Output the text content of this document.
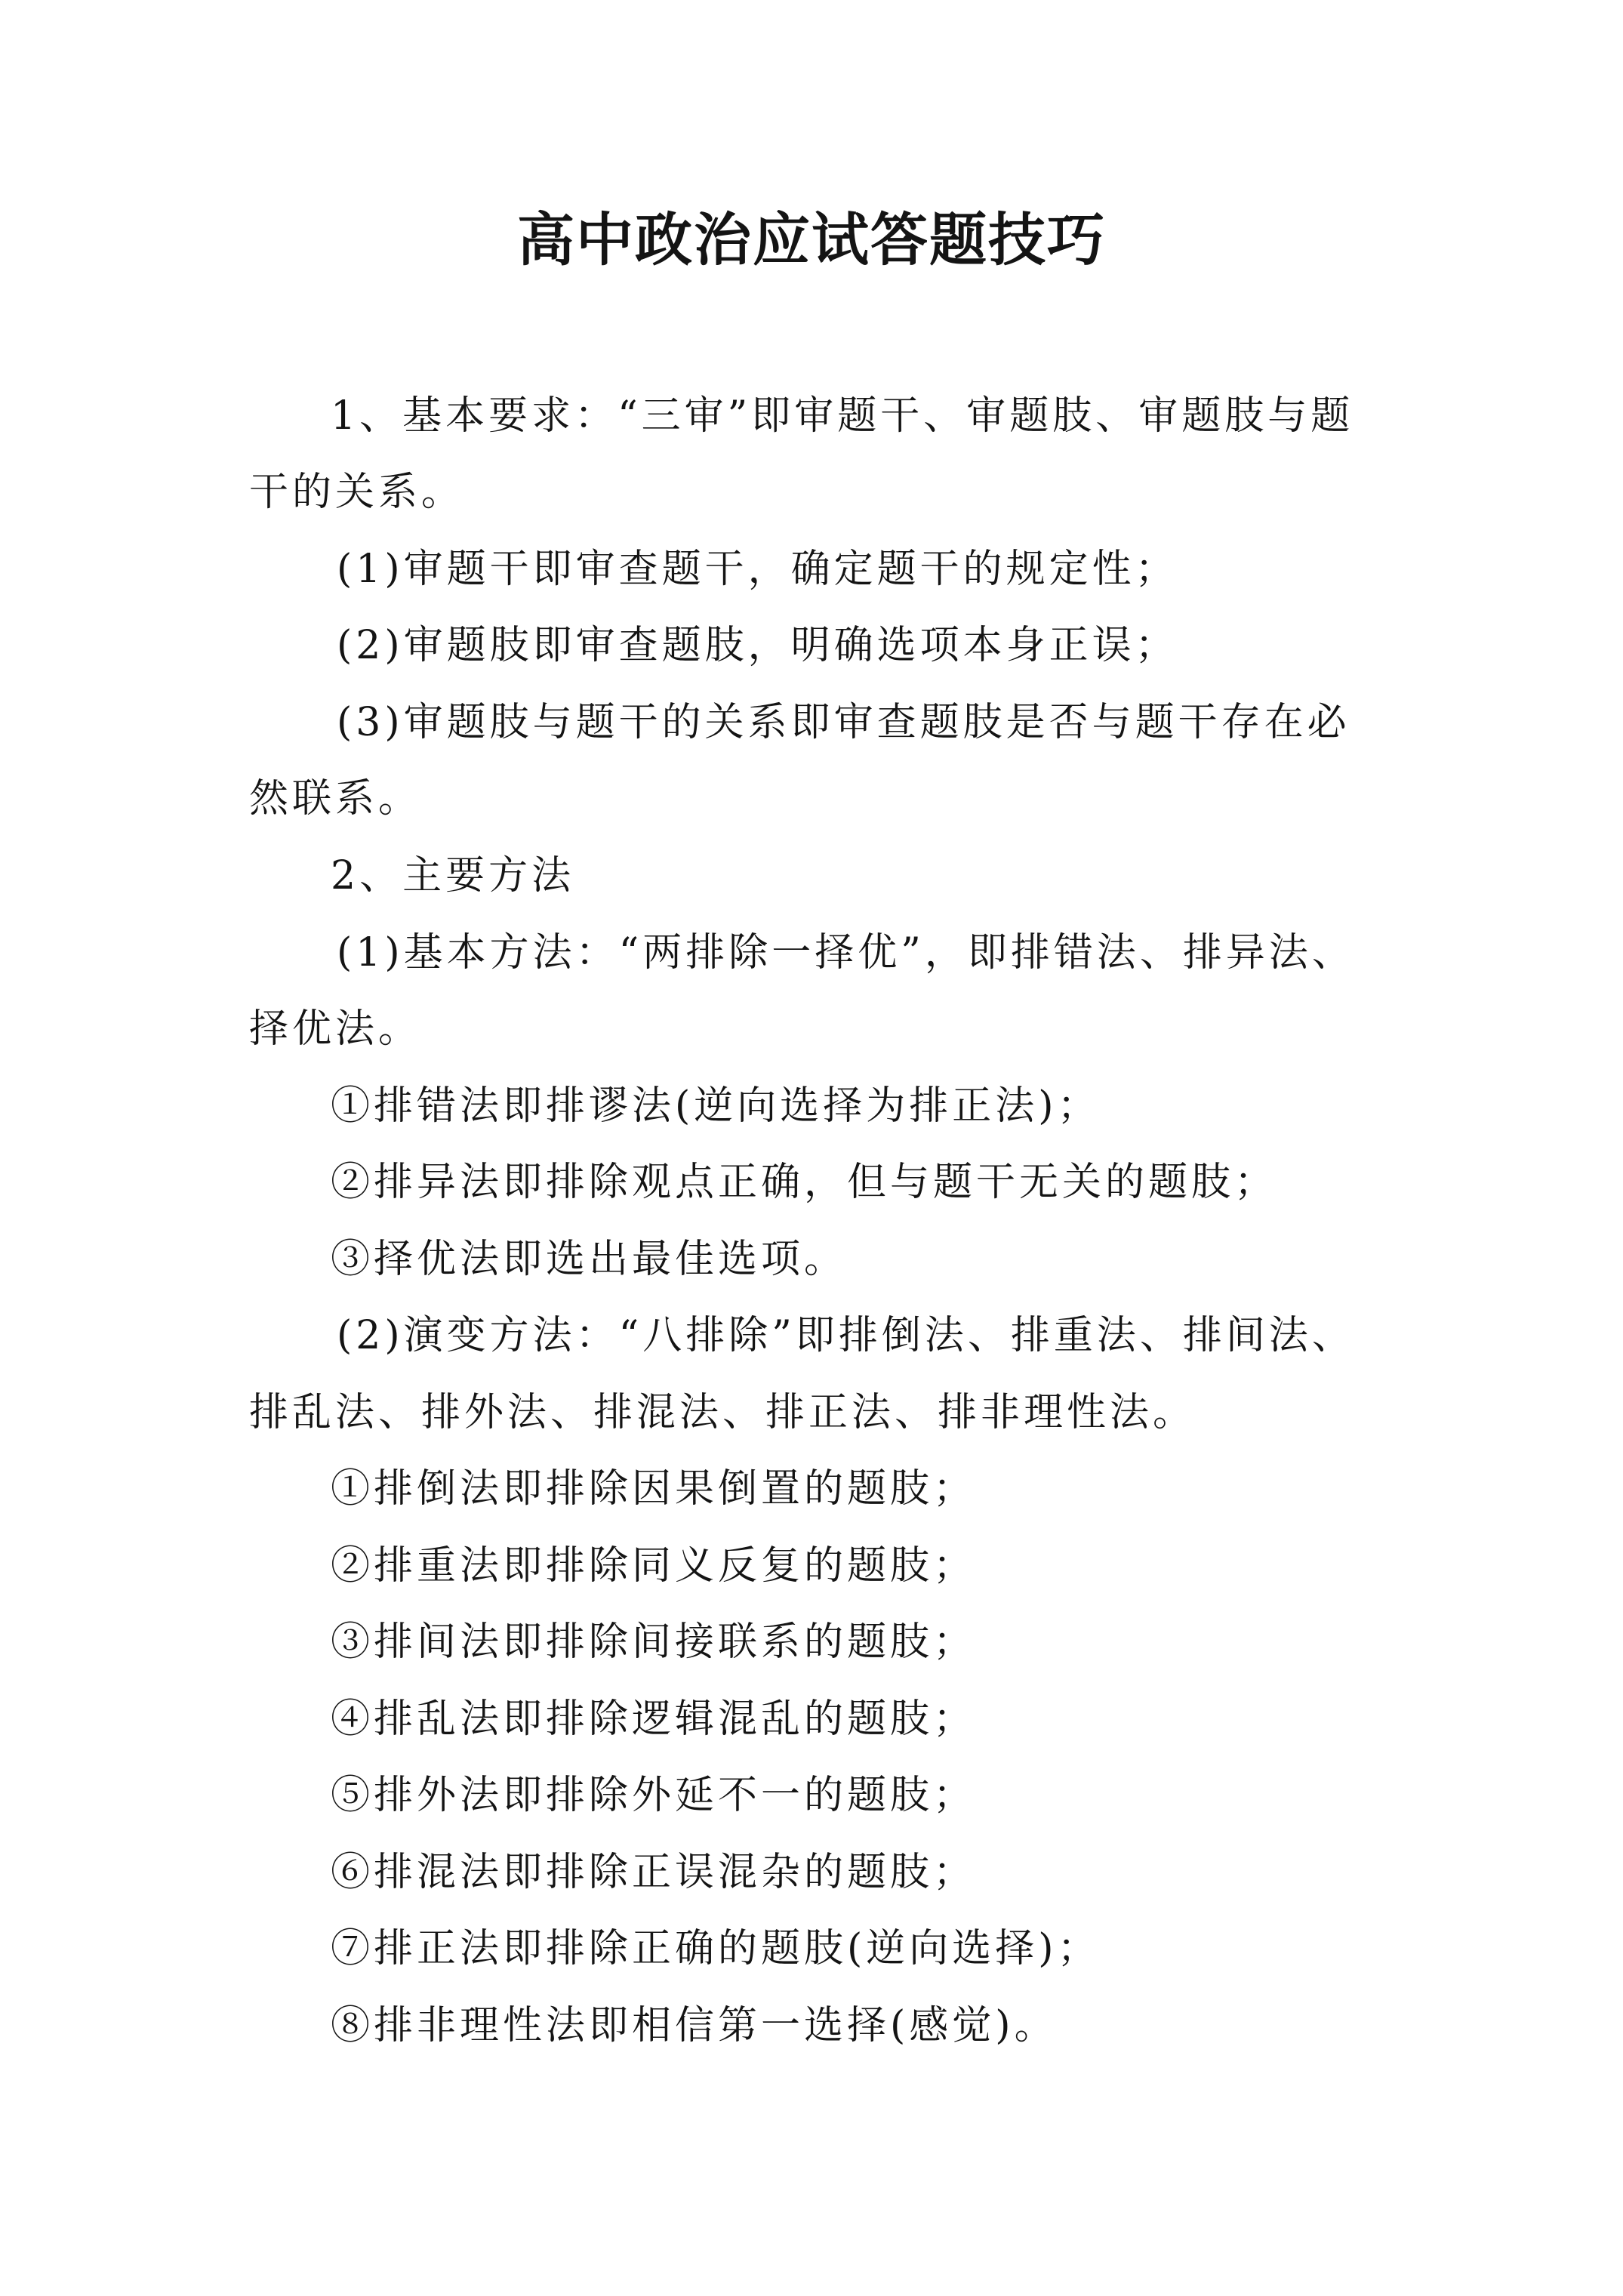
高中政治应试答题技巧

1、基本要求：“三审”即审题干、审题肢、审题肢与题

干的关系。

(1)审题干即审查题干，确定题干的规定性；

(2)审题肢即审查题肢，明确选项本身正误；

(3)审题肢与题干的关系即审查题肢是否与题干存在必

然联系。

2、主要方法

(1)基本方法：“两排除一择优”，即排错法、排异法、

择优法。

①排错法即排谬法(逆向选择为排正法)；

②排异法即排除观点正确，但与题干无关的题肢；

③择优法即选出最佳选项。

(2)演变方法：“八排除”即排倒法、排重法、排间法、

排乱法、排外法、排混法、排正法、排非理性法。

①排倒法即排除因果倒置的题肢；

②排重法即排除同义反复的题肢；

③排间法即排除间接联系的题肢；

④排乱法即排除逻辑混乱的题肢；

⑤排外法即排除外延不一的题肢；

⑥排混法即排除正误混杂的题肢；

⑦排正法即排除正确的题肢(逆向选择)；

⑧排非理性法即相信第一选择(感觉)。
